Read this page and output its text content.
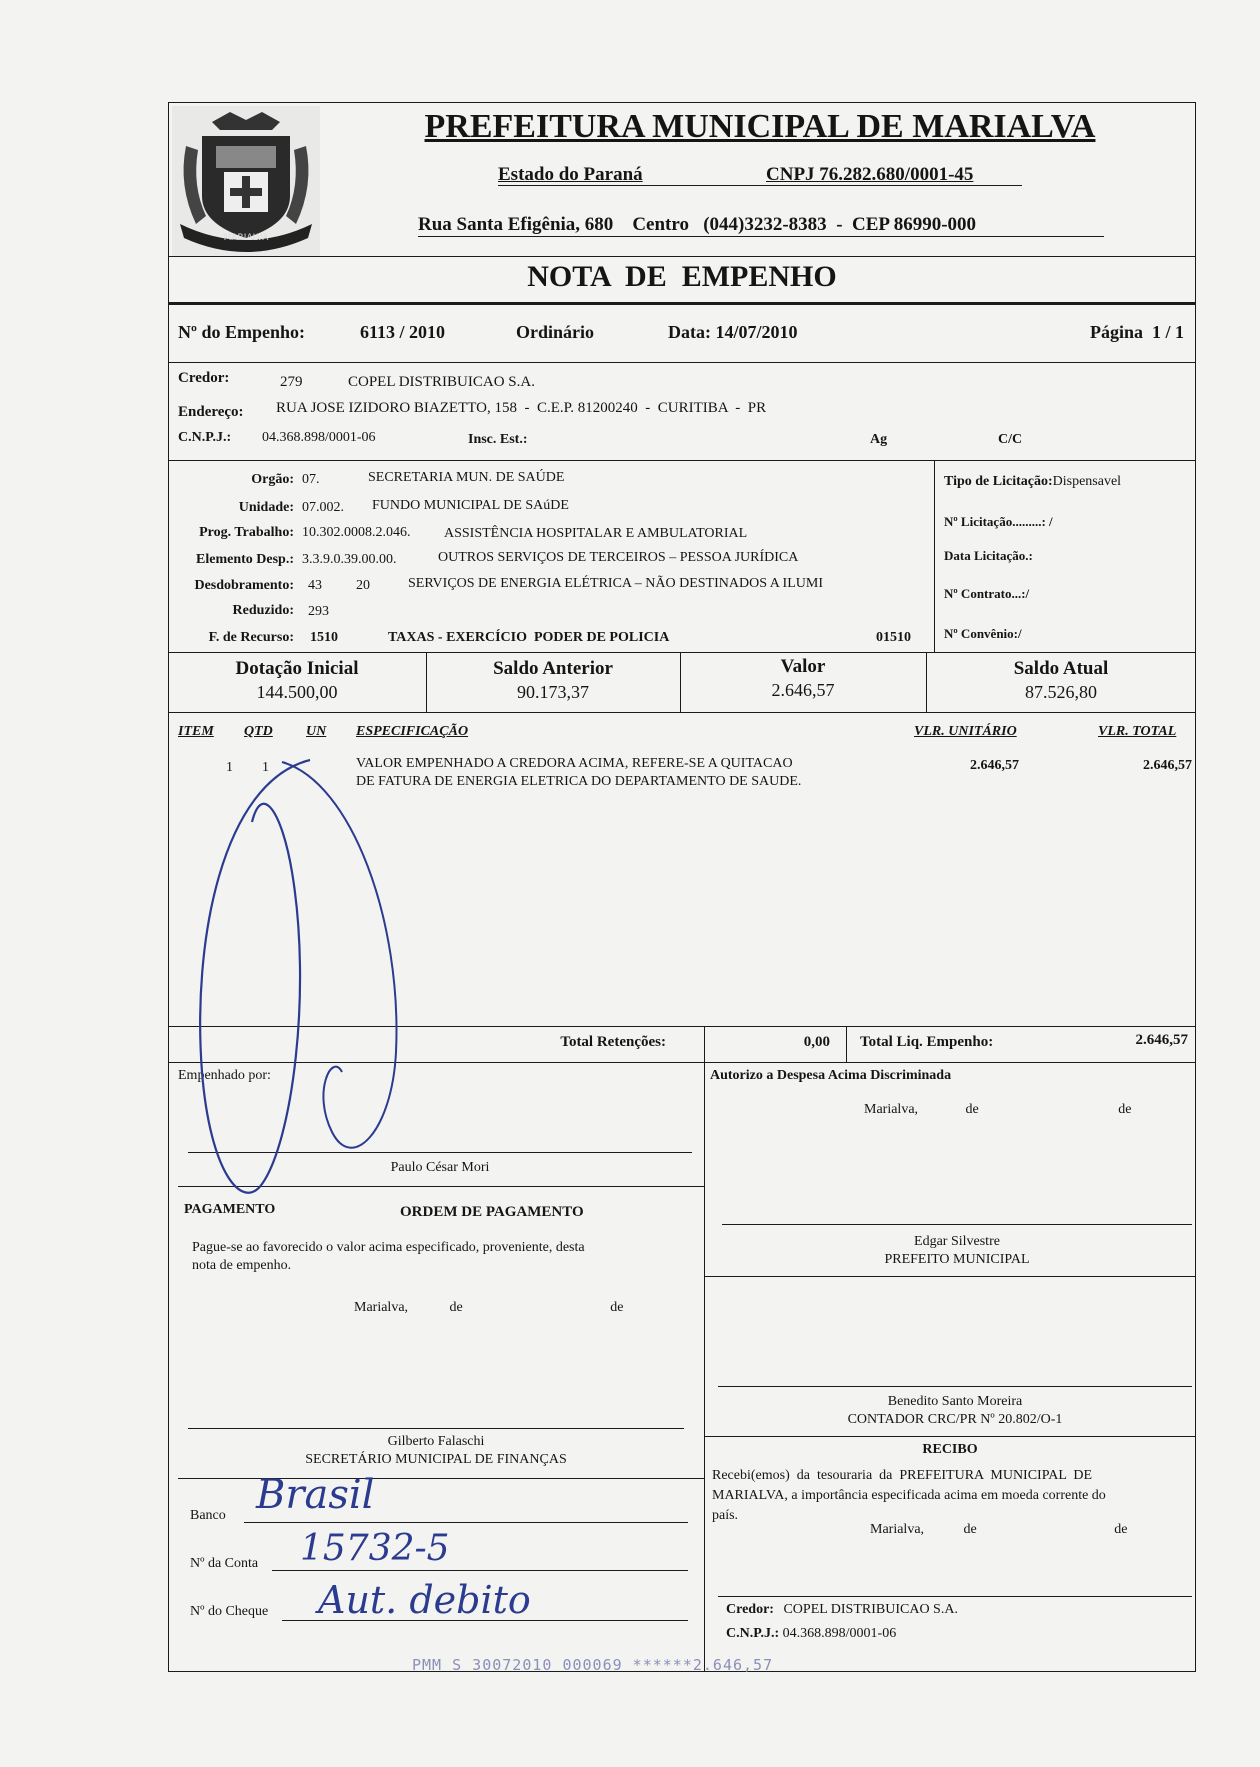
MARIALVA
PREFEITURA MUNICIPAL DE MARIALVA
Estado do Paraná	CNPJ 76.282.680/0001-45
Rua Santa Efigênia, 680 Centro (044)3232-8383 - CEP 86990-000
NOTA  DE  EMPENHO
Nº do Empenho:	6113 / 2010	Ordinário	Data: 14/07/2010	Página  1 / 1
Credor:	279	COPEL DISTRIBUICAO S.A.
Endereço: RUA JOSE IZIDORO BIAZETTO, 158  -  C.E.P. 81200240  -  CURITIBA  -  PR
C.N.P.J.: 04.368.898/0001-06	Insc. Est.:	Ag	C/C
Orgão: 07.	SECRETARIA MUN. DE SAÚDE
Unidade: 07.002. FUNDO MUNICIPAL DE SAúDE
Prog. Trabalho: 10.302.0008.2.046. ASSISTÊNCIA HOSPITALAR E AMBULATORIAL
Elemento Desp.: 3.3.9.0.39.00.00.	OUTROS SERVIÇOS DE TERCEIROS – PESSOA JURÍDICA
Desdobramento: 43 20	SERVIÇOS DE ENERGIA ELÉTRICA – NÃO DESTINADOS A ILUMI
Reduzido: 293
F. de Recurso: 1510	TAXAS - EXERCÍCIO  PODER DE POLICIA	01510
Tipo de Licitação:Dispensavel
Nº Licitação.........: /
Data Licitação.:
Nº Contrato...:/
Nº Convênio:/
Dotação Inicial
144.500,00
Saldo Anterior
90.173,37
Valor
2.646,57
Saldo Atual
87.526,80
ITEM QTD UN ESPECIFICAÇÃO	VLR. UNITÁRIO	VLR. TOTAL
1 1	VALOR EMPENHADO A CREDORA ACIMA, REFERE-SE A QUITACAO
DE FATURA DE ENERGIA ELETRICA DO DEPARTAMENTO DE SAUDE.
2.646,57	2.646,57
Total Retenções:	0,00 Total Liq. Empenho:	2.646,57
Empenhado por:
Paulo César Mori
PAGAMENTO	ORDEM DE PAGAMENTO
Pague-se ao favorecido o valor acima especificado, proveniente, desta
nota de empenho.
Marialva,	de	de
Gilberto Falaschi
SECRETÁRIO MUNICIPAL DE FINANÇAS
Banco Brasil
Nº da Conta 15732-5
Nº do Cheque Aut. debito
Autorizo a Despesa Acima Discriminada
Marialva,	de	de
Edgar Silvestre
PREFEITO MUNICIPAL
Benedito Santo Moreira
CONTADOR CRC/PR Nº 20.802/O-1
RECIBO
Recebi(emos)  da  tesouraria  da  PREFEITURA  MUNICIPAL  DE
MARIALVA, a importância especificada acima em moeda corrente do
país.
Marialva,	de	de
Credor: COPEL DISTRIBUICAO S.A.
C.N.P.J.: 04.368.898/0001-06
PMM S 30072010 000069 ******2.646,57
